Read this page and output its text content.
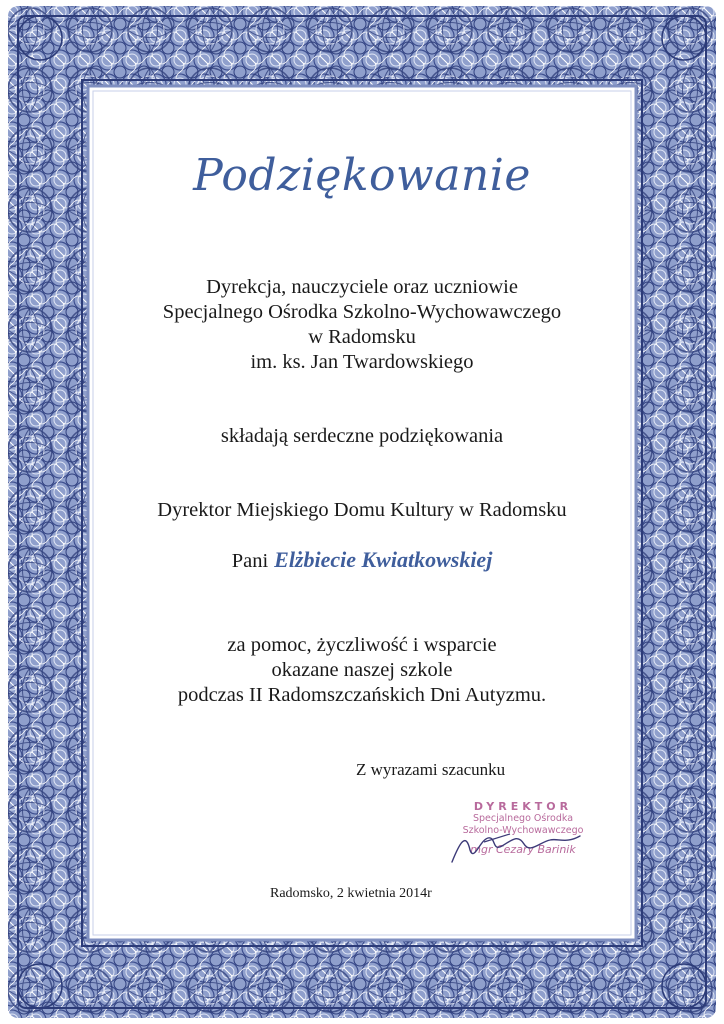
Podziękowanie
Dyrekcja, nauczyciele oraz uczniowie
Specjalnego Ośrodka Szkolno-Wychowawczego
w Radomsku
im. ks. Jan Twardowskiego
składają serdeczne podziękowania
Dyrektor Miejskiego Domu Kultury w Radomsku
Pani Elżbiecie Kwiatkowskiej
za pomoc, życzliwość i wsparcie
okazane naszej szkole
podczas II Radomszczańskich Dni Autyzmu.
Z wyrazami szacunku
DYREKTOR
Specjalnego Ośrodka
Szkolno-Wychowawczego
mgr Cezary Barinik
Radomsko, 2 kwietnia 2014r
